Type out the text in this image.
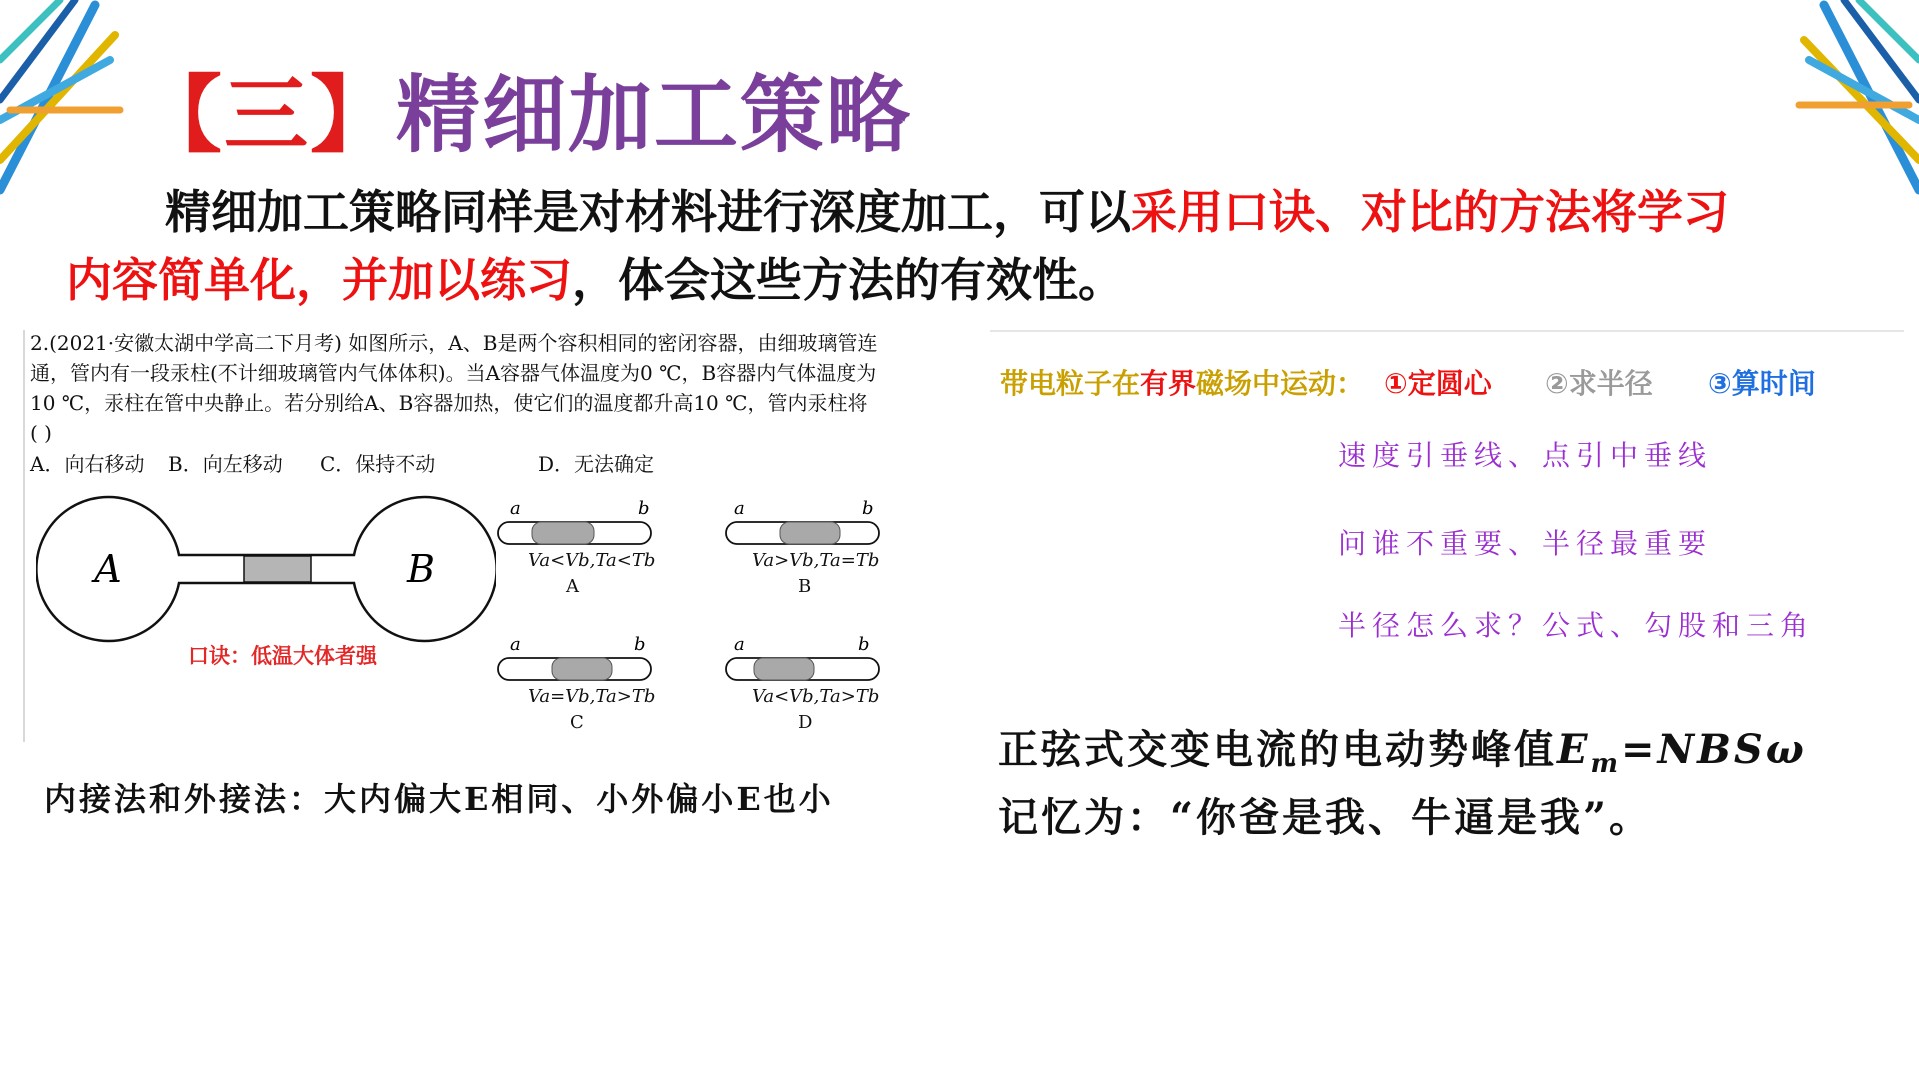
【三】精细加工策略
精细加工策略同样是对材料进行深度加工，可以采用口诀、对比的方法将学习
内容简单化，并加以练习，体会这些方法的有效性。
2.(2021·安徽太湖中学高二下月考) 如图所示，A、B是两个容积相同的密闭容器，由细玻璃管连
通，管内有一段汞柱(不计细玻璃管内气体体积)。当A容器气体温度为0 ℃，B容器内气体温度为
10 ℃，汞柱在管中央静止。若分别给A、B容器加热，使它们的温度都升高10 ℃，管内汞柱将
( )
A．向右移动 B．向左移动 C．保持不动	D．无法确定
A	B
口诀：低温大体者强
a	b
Va<Vb,Ta<Tb
A
a	b
Va>Vb,Ta=Tb
B
a	b
Va=Vb,Ta>Tb
C
a	b
Va<Vb,Ta>Tb
D
内接法和外接法：大内偏大E相同、小外偏小E也小
带电粒子在有界磁场中运动： ①定圆心 ②求半径 ③算时间
速度引垂线、点引中垂线
问谁不重要、半径最重要
半径怎么求？公式、勾股和三角
正弦式交变电流的电动势峰值$E_m=NBS\omega$
记忆为：“你爸是我、牛逼是我”。
